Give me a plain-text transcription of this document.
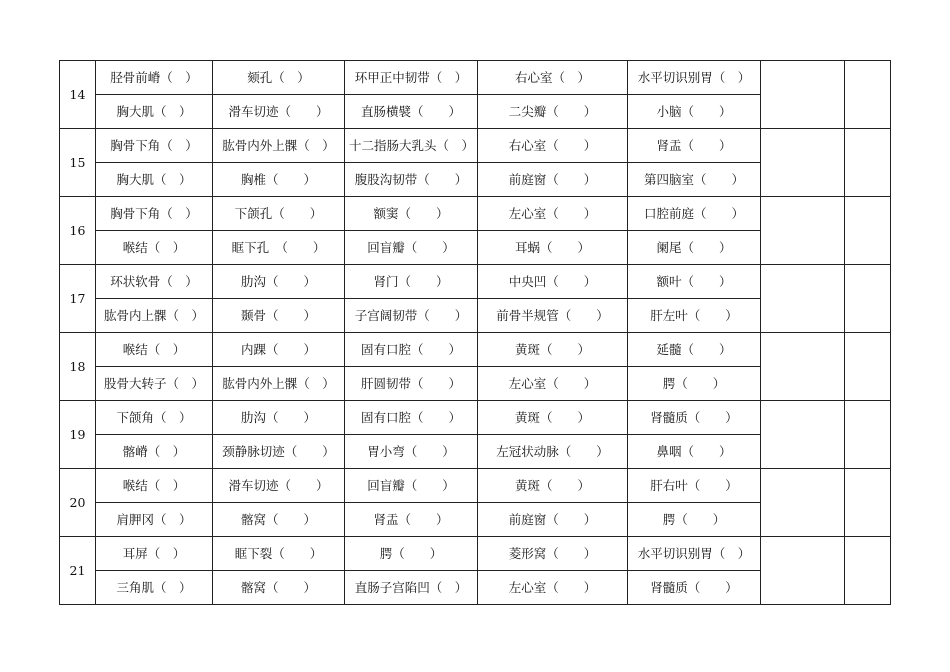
14	胫骨前嵴（　）	颏孔（　）	环甲正中韧带（　）	右心室（　）	水平切识别胃（　）		
	胸大肌（　）	滑车切迹（　　）	直肠横襞（　　）	二尖瓣（　　）	小脑（　　）		
15	胸骨下角（　）	肱骨内外上髁（　）	十二指肠大乳头（　）	右心室（　　）	肾盂（　　）		
	胸大肌（　）	胸椎（　　）	腹股沟韧带（　　）	前庭窗（　　）	第四脑室（　　）		
16	胸骨下角（　）	下颌孔（　　）	额窦（　　）	左心室（　　）	口腔前庭（　　）		
	喉结（　）	眶下孔　（　　）	回盲瓣（　　）	耳蜗（　　）	阑尾（　　）		
17	环状软骨（　）	肋沟（　　）	肾门（　　）	中央凹（　　）	额叶（　　）		
	肱骨内上髁（　）	颞骨（　　）	子宫阔韧带（　　）	前骨半规管（　　）	肝左叶（　　）		
18	喉结（　）	内踝（　　）	固有口腔（　　）	黄斑（　　）	延髓（　　）		
	股骨大转子（　）	肱骨内外上髁（　）	肝圆韧带（　　）	左心室（　　）	腭（　　）		
19	下颌角（　）	肋沟（　　）	固有口腔（　　）	黄斑（　　）	肾髓质（　　）		
	髂嵴（　）	颈静脉切迹（　　）	胃小弯（　　）	左冠状动脉（　　）	鼻咽（　　）		
20	喉结（　）	滑车切迹（　　）	回盲瓣（　　）	黄斑（　　）	肝右叶（　　）		
	肩胛冈（　）	髂窝（　　）	肾盂（　　）	前庭窗（　　）	腭（　　）		
21	耳屏（　）	眶下裂（　　）	腭（　　）	菱形窝（　　）	水平切识别胃（　）		
	三角肌（　）	髂窝（　　）	直肠子宫陷凹（　）	左心室（　　）	肾髓质（　　）		
